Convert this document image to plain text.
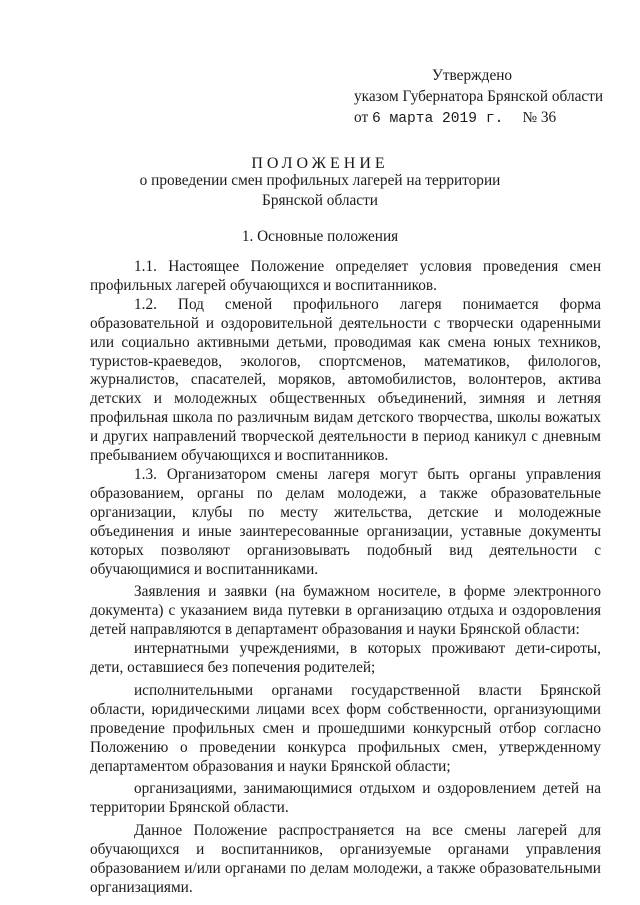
Утверждено
указом Губернатора Брянской области
от 6 марта 2019 г. № 36
ПОЛОЖЕНИЕ
о проведении смен профильных лагерей на территории
Брянской области
1. Основные положения

1.1. Настоящее Положение определяет условия проведения смен профильных лагерей обучающихся и воспитанников.

1.2. Под сменой профильного лагеря понимается форма образовательной и оздоровительной деятельности с творчески одаренными или социально активными детьми, проводимая как смена юных техников, туристов-краеведов, экологов, спортсменов, математиков, филологов, журналистов, спасателей, моряков, автомобилистов, волонтеров, актива детских и молодежных общественных объединений, зимняя и летняя профильная школа по различным видам детского творчества, школы вожатых и других направлений творческой деятельности в период каникул с дневным пребыванием обучающихся и воспитанников.

1.3. Организатором смены лагеря могут быть органы управления образованием, органы по делам молодежи, а также образовательные организации, клубы по месту жительства, детские и молодежные объединения и иные заинтересованные организации, уставные документы которых позволяют организовывать подобный вид деятельности с обучающимися и воспитанниками.

Заявления и заявки (на бумажном носителе, в форме электронного документа) с указанием вида путевки в организацию отдыха и оздоровления детей направляются в департамент образования и науки Брянской области:

интернатными учреждениями, в которых проживают дети-сироты, дети, оставшиеся без попечения родителей;

исполнительными органами государственной власти Брянской области, юридическими лицами всех форм собственности, организующими проведение профильных смен и прошедшими конкурсный отбор согласно Положению о проведении конкурса профильных смен, утвержденному департаментом образования и науки Брянской области;

организациями, занимающимися отдыхом и оздоровлением детей на территории Брянской области.

Данное Положение распространяется на все смены лагерей для обучающихся и воспитанников, организуемые органами управления образованием и/или органами по делам молодежи, а также образовательными организациями.
